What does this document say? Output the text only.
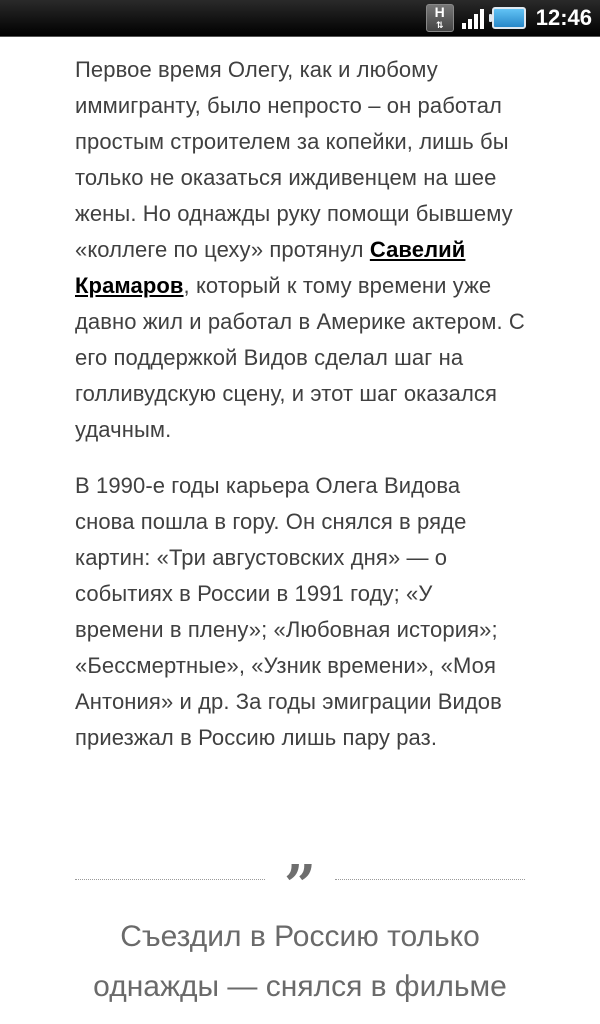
H
⇅	12:46

Первое время Олегу, как и любому иммигранту, было непросто – он работал простым строителем за копейки, лишь бы только не оказаться иждивенцем на шее жены. Но однажды руку помощи бывшему «коллеге по цеху» протянул Савелий Крамаров, который к тому времени уже давно жил и работал в Америке актером. С его поддержкой Видов сделал шаг на голливудскую сцену, и этот шаг оказался удачным.

В 1990-е годы карьера Олега Видова снова пошла в гору. Он снялся в ряде картин: «Три августовских дня» — о событиях в России в 1991 году; «У времени в плену»; «Любовная история»; «Бессмертные», «Узник времени», «Моя Антония» и др. За годы эмиграции Видов приезжал в Россию лишь пару раз.

”
Съездил в Россию только однажды — снялся в фильме
